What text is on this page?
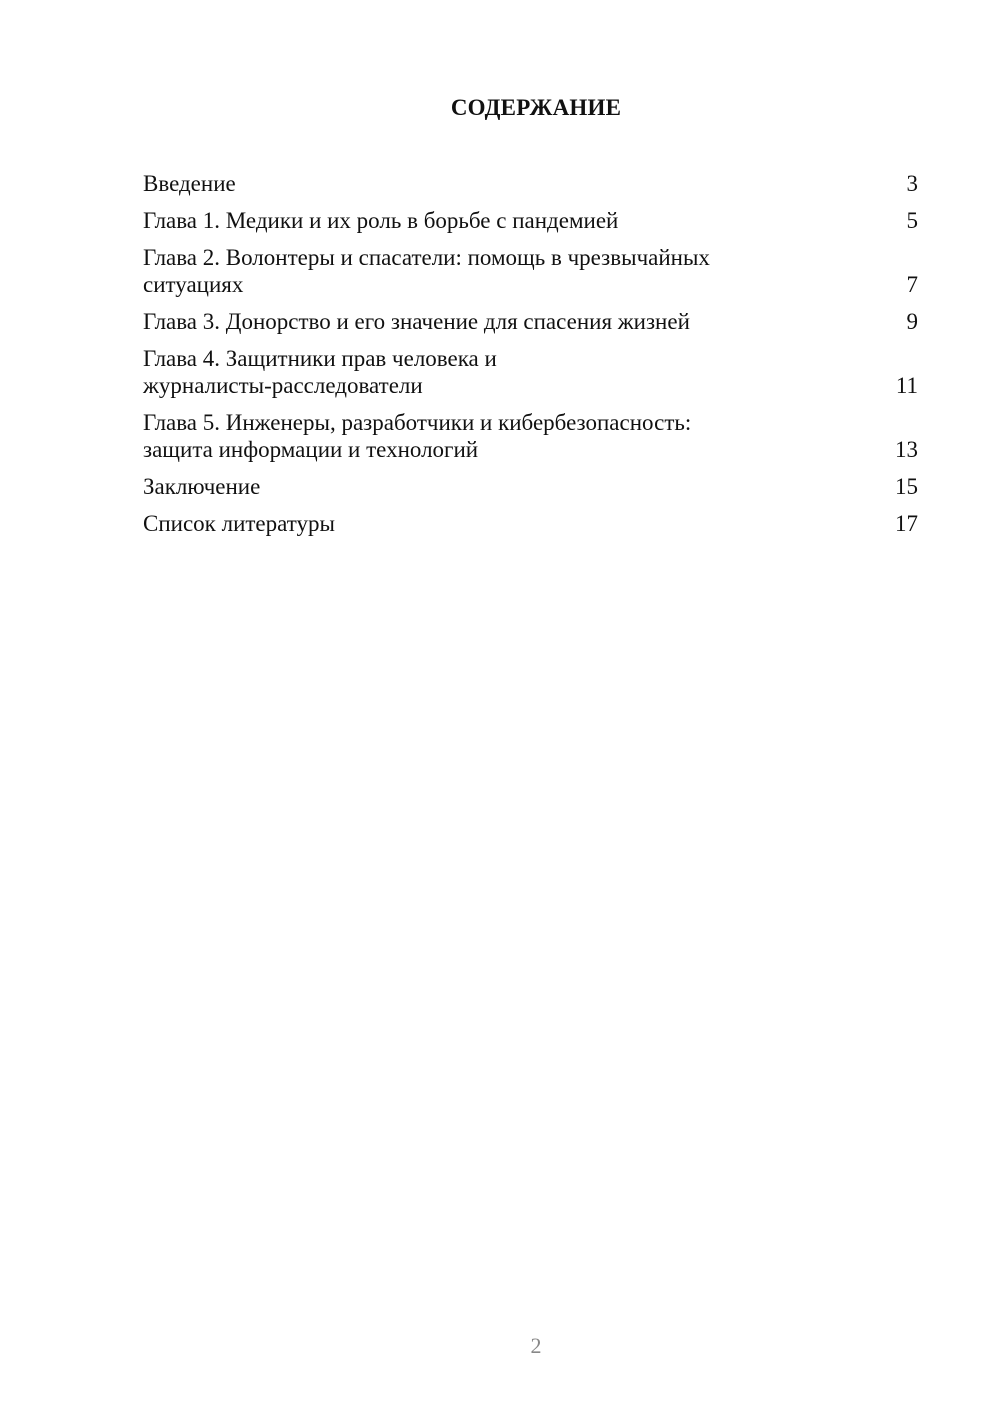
СОДЕРЖАНИЕ
Введение	3
Глава 1. Медики и их роль в борьбе с пандемией	5
Глава 2. Волонтеры и спасатели: помощь в чрезвычайных ситуациях	7
Глава 3. Донорство и его значение для спасения жизней	9
Глава 4. Защитники прав человека и журналисты-расследователи	11
Глава 5. Инженеры, разработчики и кибербезопасность: защита информации и технологий	13
Заключение	15
Список литературы	17
2
